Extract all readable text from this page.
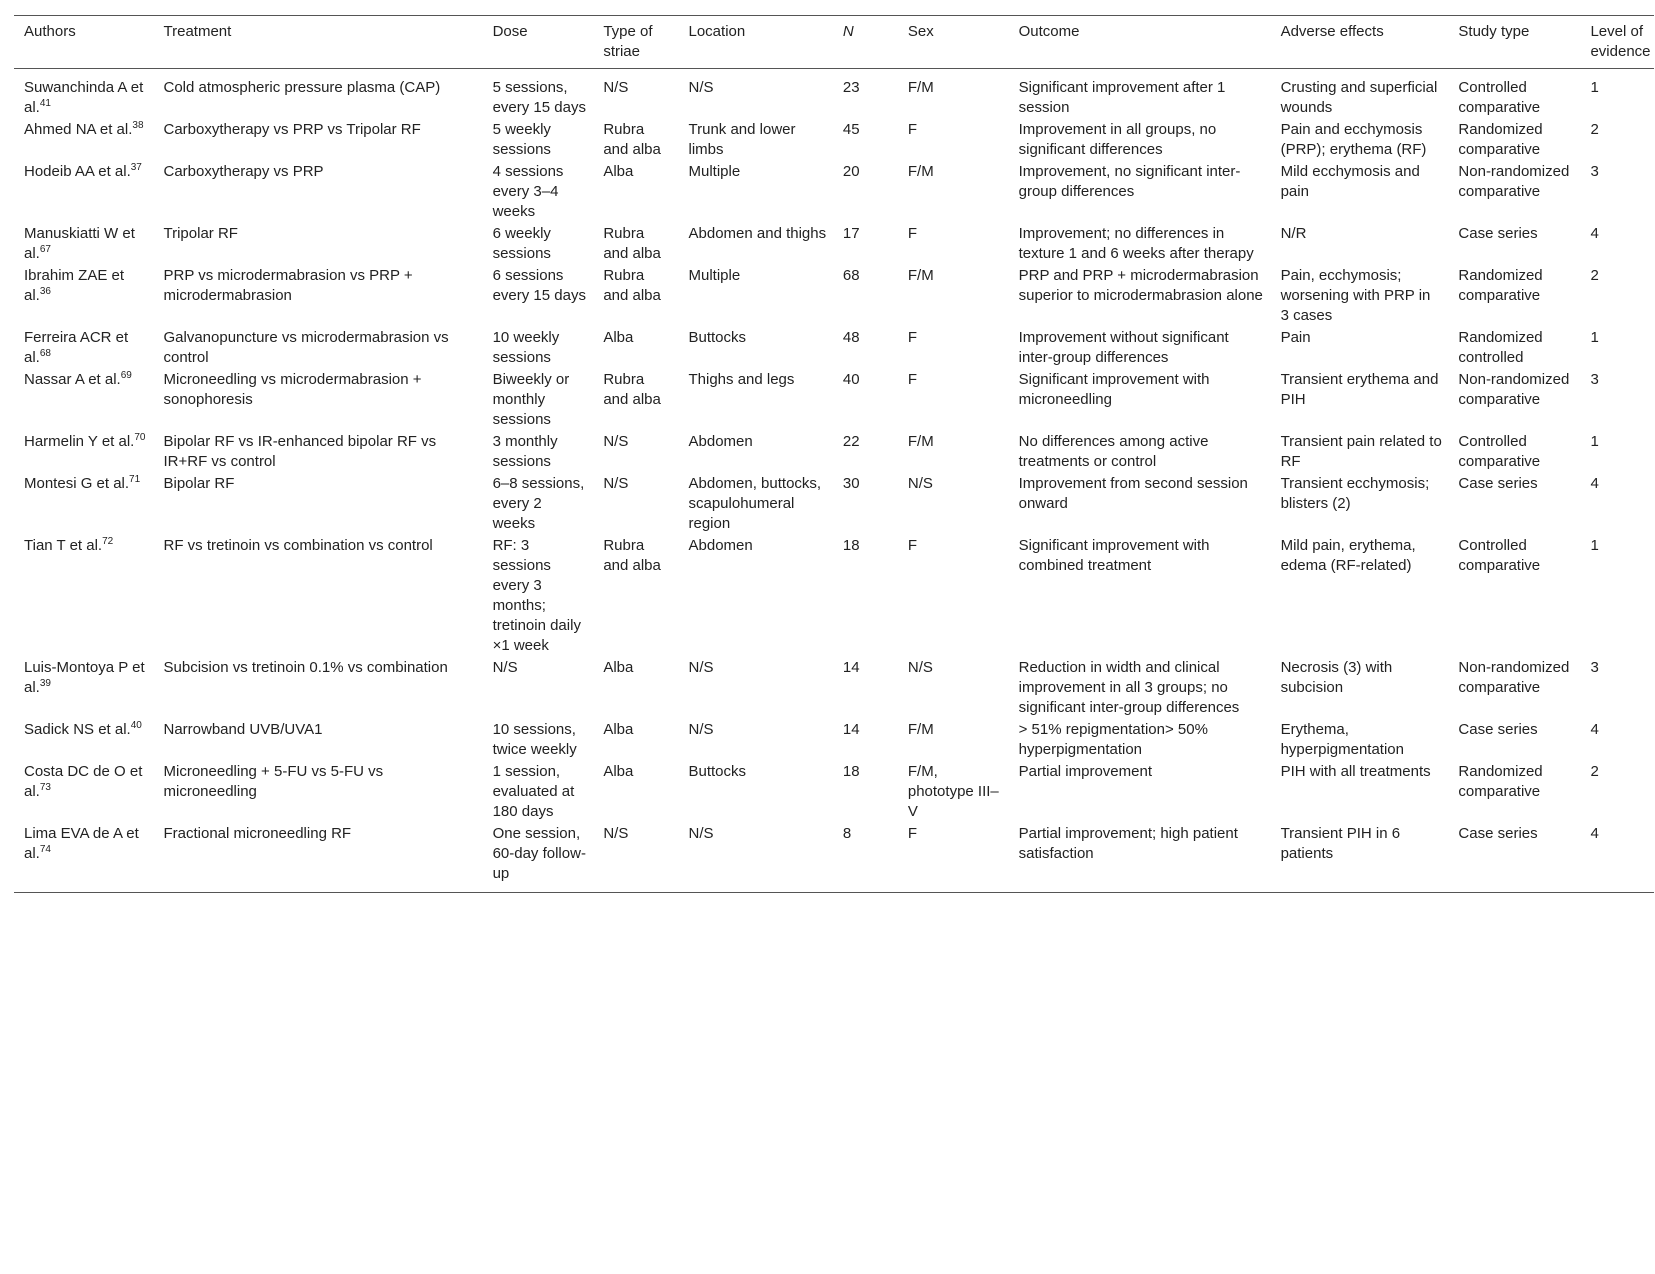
Authors	Treatment	Dose	Type of striae	Location	N	Sex	Outcome	Adverse effects	Study type	Level of evidence
Suwanchinda A et al.$^{41}$	Cold atmospheric pressure plasma (CAP)	5 sessions, every 15 days	N/S	N/S	23	F/M	Significant improvement after 1 session	Crusting and superficial wounds	Controlled comparative	1
Ahmed NA et al.$^{38}$	Carboxytherapy vs PRP vs Tripolar RF	5 weekly sessions	Rubra and alba	Trunk and lower limbs	45	F	Improvement in all groups, no significant differences	Pain and ecchymosis (PRP); erythema (RF)	Randomized comparative	2
Hodeib AA et al.$^{37}$	Carboxytherapy vs PRP	4 sessions every 3–4 weeks	Alba	Multiple	20	F/M	Improvement, no significant inter-group differences	Mild ecchymosis and pain	Non-randomized comparative	3
Manuskiatti W et al.$^{67}$	Tripolar RF	6 weekly sessions	Rubra and alba	Abdomen and thighs	17	F	Improvement; no differences in texture 1 and 6 weeks after therapy	N/R	Case series	4
Ibrahim ZAE et al.$^{36}$	PRP vs microdermabrasion vs PRP + microdermabrasion	6 sessions every 15 days	Rubra and alba	Multiple	68	F/M	PRP and PRP + microdermabrasion superior to microdermabrasion alone	Pain, ecchymosis; worsening with PRP in 3 cases	Randomized comparative	2
Ferreira ACR et al.$^{68}$	Galvanopuncture vs microdermabrasion vs control	10 weekly sessions	Alba	Buttocks	48	F	Improvement without significant inter-group differences	Pain	Randomized controlled	1
Nassar A et al.$^{69}$	Microneedling vs microdermabrasion + sonophoresis	Biweekly or monthly sessions	Rubra and alba	Thighs and legs	40	F	Significant improvement with microneedling	Transient erythema and PIH	Non-randomized comparative	3
Harmelin Y et al.$^{70}$	Bipolar RF vs IR-enhanced bipolar RF vs IR+RF vs control	3 monthly sessions	N/S	Abdomen	22	F/M	No differences among active treatments or control	Transient pain related to RF	Controlled comparative	1
Montesi G et al.$^{71}$	Bipolar RF	6–8 sessions, every 2 weeks	N/S	Abdomen, buttocks, scapulohumeral region	30	N/S	Improvement from second session onward	Transient ecchymosis; blisters (2)	Case series	4
Tian T et al.$^{72}$	RF vs tretinoin vs combination vs control	RF: 3 sessions every 3 months; tretinoin daily ×1 week	Rubra and alba	Abdomen	18	F	Significant improvement with combined treatment	Mild pain, erythema, edema (RF-related)	Controlled comparative	1
Luis-Montoya P et al.$^{39}$	Subcision vs tretinoin 0.1% vs combination	N/S	Alba	N/S	14	N/S	Reduction in width and clinical improvement in all 3 groups; no significant inter-group differences	Necrosis (3) with subcision	Non-randomized comparative	3
Sadick NS et al.$^{40}$	Narrowband UVB/UVA1	10 sessions, twice weekly	Alba	N/S	14	F/M	> 51% repigmentation> 50% hyperpigmentation	Erythema, hyperpigmentation	Case series	4
Costa DC de O et al.$^{73}$	Microneedling + 5-FU vs 5-FU vs microneedling	1 session, evaluated at 180 days	Alba	Buttocks	18	F/M, phototype III–V	Partial improvement	PIH with all treatments	Randomized comparative	2
Lima EVA de A et al.$^{74}$	Fractional microneedling RF	One session, 60-day follow-up	N/S	N/S	8	F	Partial improvement; high patient satisfaction	Transient PIH in 6 patients	Case series	4
